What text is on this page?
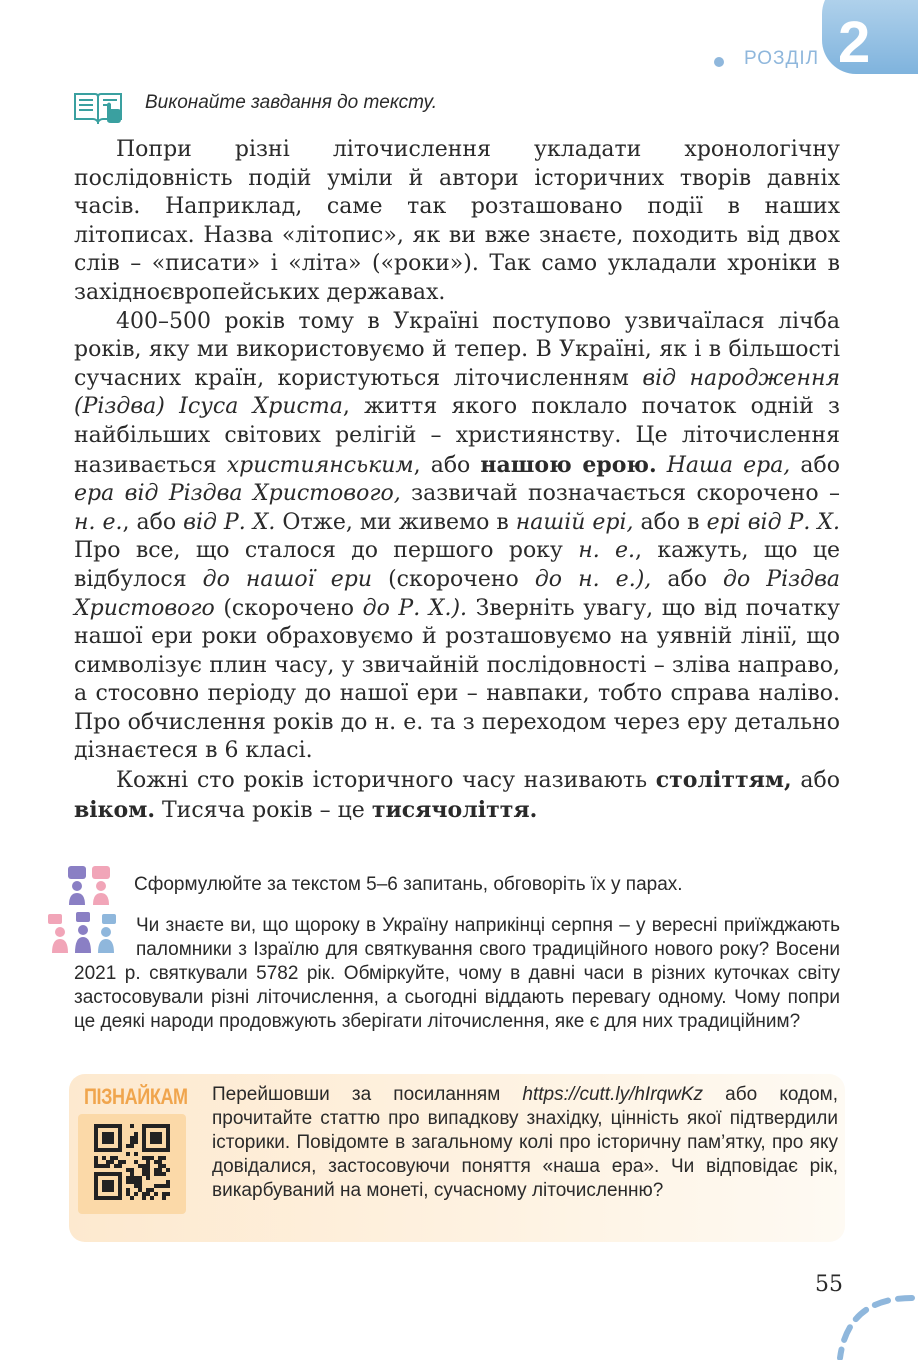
РОЗДІЛ 2
Виконайте завдання до тексту.

Попри різні літочислення укладати хронологічну послідовність подій уміли й автори історичних творів давніх часів. Наприклад, саме так розташовано події в наших літописах. Назва «літопис», як ви вже знаєте, походить від двох слів – «писати» і «літа» («роки»). Так само укладали хроніки в західноєвропейських державах.

400–500 років тому в Україні поступово узвичаїлася лічба років, яку ми використовуємо й тепер. В Україні, як і в більшості сучасних країн, користуються літочисленням від народження (Різдва) Ісуса Христа, життя якого поклало початок одній з найбільших світових релігій – християнству. Це літочислення називається християнським, або нашою ерою. Наша ера, або ера від Різдва Христового, зазвичай позначається скорочено – н. е., або від Р. Х. Отже, ми живемо в нашій ері, або в ері від Р. Х. Про все, що сталося до першого року н. е., кажуть, що це відбулося до нашої ери (скорочено до н. е.), або до Різдва Христового (скорочено до Р. Х.). Зверніть увагу, що від початку нашої ери роки обраховуємо й розташовуємо на уявній лінії, що символізує плин часу, у звичайній послідовності – зліва направо, а стосовно періоду до нашої ери – навпаки, тобто справа наліво. Про обчислення років до н. е. та з переходом через еру детально дізнаєтеся в 6 класі.

Кожні сто років історичного часу називають століттям, або віком. Тисяча років – це тисячоліття.

Сформулюйте за текстом 5–6 запитань, обговоріть їх у парах.
Чи знаєте ви, що щороку в Україну наприкінці серпня – у вересні приїжджають паломники з Ізраїлю для святкування свого традиційного нового року? Восени 2021 р. святкували 5782 рік. Обміркуйте, чому в давні часи в різних куточках світу застосовували різні літочислення, а сьогодні віддають перевагу одному. Чому попри це деякі народи продовжують зберігати літочислення, яке є для них традиційним?
ПІЗНАЙКАМ Перейшовши за посиланням https://cutt.ly/hIrqwKz або кодом, прочитайте статтю про випадкову знахідку, цінність якої підтвердили історики. Повідомте в загальному колі про історичну пам’ятку, про яку довідалися, застосовуючи поняття «наша ера». Чи відповідає рік, викарбуваний на монеті, сучасному літочисленню?
55
